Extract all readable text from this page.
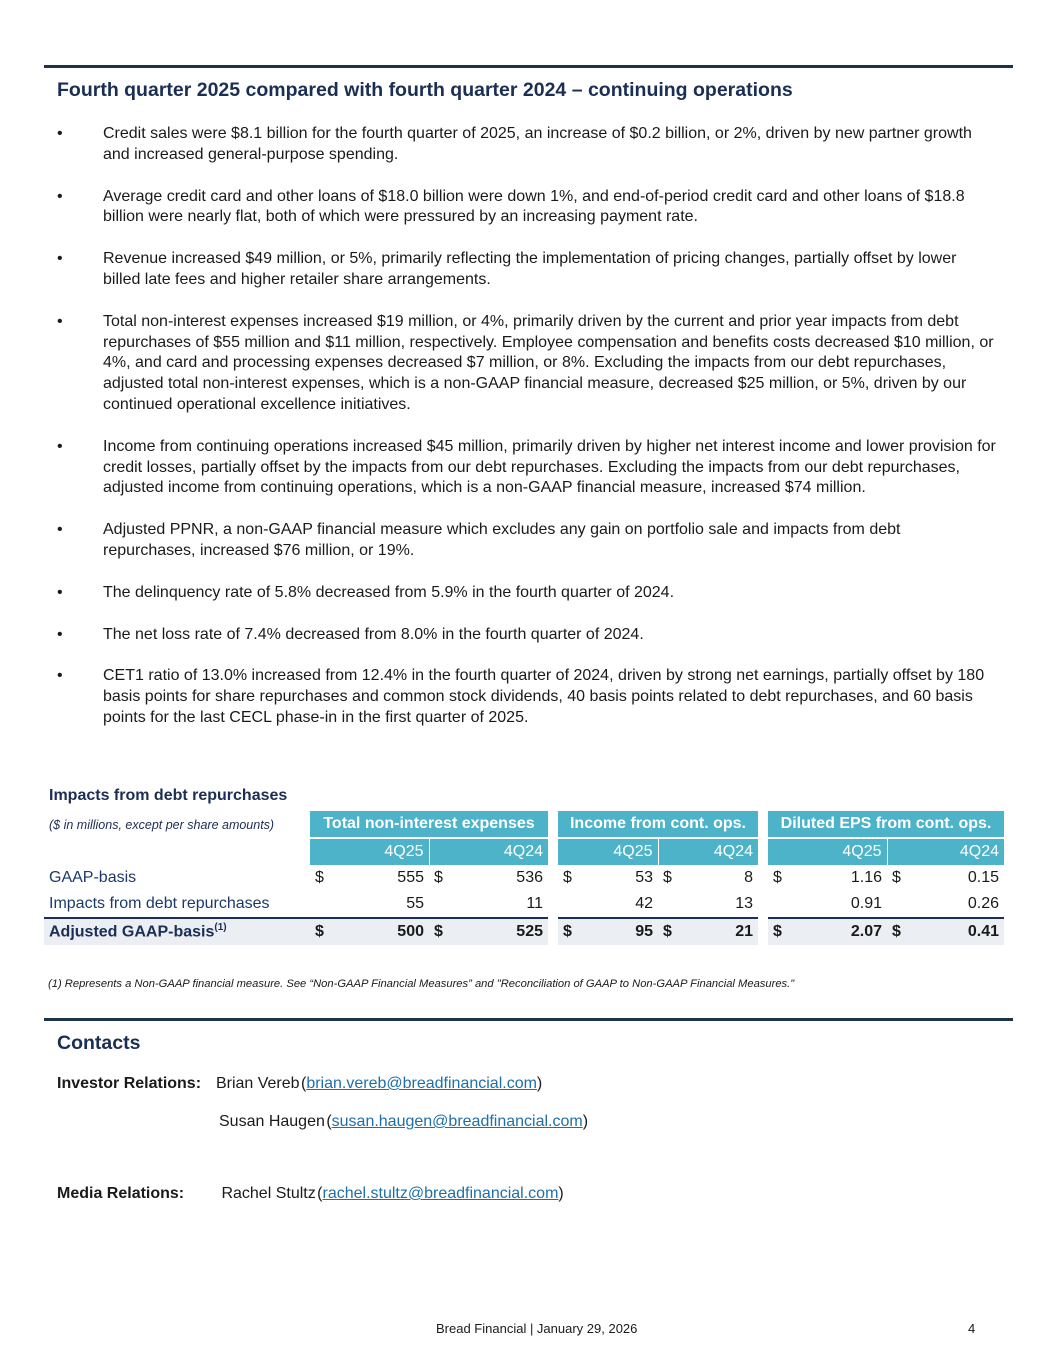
Fourth quarter 2025 compared with fourth quarter 2024 – continuing operations
•	Credit sales were $8.1 billion for the fourth quarter of 2025, an increase of $0.2 billion, or 2%, driven by new partner growth and increased general-purpose spending.
•	Average credit card and other loans of $18.0 billion were down 1%, and end-of-period credit card and other loans of $18.8 billion were nearly flat, both of which were pressured by an increasing payment rate.
•	Revenue increased $49 million, or 5%, primarily reflecting the implementation of pricing changes, partially offset by lower billed late fees and higher retailer share arrangements.
•	Total non-interest expenses increased $19 million, or 4%, primarily driven by the current and prior year impacts from debt repurchases of $55 million and $11 million, respectively. Employee compensation and benefits costs decreased $10 million, or 4%, and card and processing expenses decreased $7 million, or 8%. Excluding the impacts from our debt repurchases, adjusted total non-interest expenses, which is a non-GAAP financial measure, decreased $25 million, or 5%, driven by our continued operational excellence initiatives.
•	Income from continuing operations increased $45 million, primarily driven by higher net interest income and lower provision for credit losses, partially offset by the impacts from our debt repurchases. Excluding the impacts from our debt repurchases, adjusted income from continuing operations, which is a non-GAAP financial measure, increased $74 million.
•	Adjusted PPNR, a non-GAAP financial measure which excludes any gain on portfolio sale and impacts from debt repurchases, increased $76 million, or 19%.
•	The delinquency rate of 5.8% decreased from 5.9% in the fourth quarter of 2024.
•	The net loss rate of 7.4% decreased from 8.0% in the fourth quarter of 2024.
•	CET1 ratio of 13.0% increased from 12.4% in the fourth quarter of 2024, driven by strong net earnings, partially offset by 180 basis points for share repurchases and common stock dividends, 40 basis points related to debt repurchases, and 60 basis points for the last CECL phase-in in the first quarter of 2025.
Impacts from debt repurchases
($ in millions, except per share amounts)	Total non-interest expenses					Income from cont. ops.					Diluted EPS from cont. ops.			
	4Q25		4Q24			4Q25		4Q24			4Q25		4Q24	
GAAP-basis	$	555	$	536		$	53	$	8		$	1.16	$	0.15
Impacts from debt repurchases		55		11			42		13			0.91		0.26
Adjusted GAAP-basis$^{(1)}$	$	500	$	525		$	95	$	21		$	2.07	$	0.41
(1) Represents a Non-GAAP financial measure. See “Non-GAAP Financial Measures” and "Reconciliation of GAAP to Non-GAAP Financial Measures."
Contacts
Investor Relations: Brian Vereb (brian.vereb@breadfinancial.com)
Susan Haugen (susan.haugen@breadfinancial.com)
Media Relations: Rachel Stultz (rachel.stultz@breadfinancial.com)
Bread Financial | January 29, 2026	4
